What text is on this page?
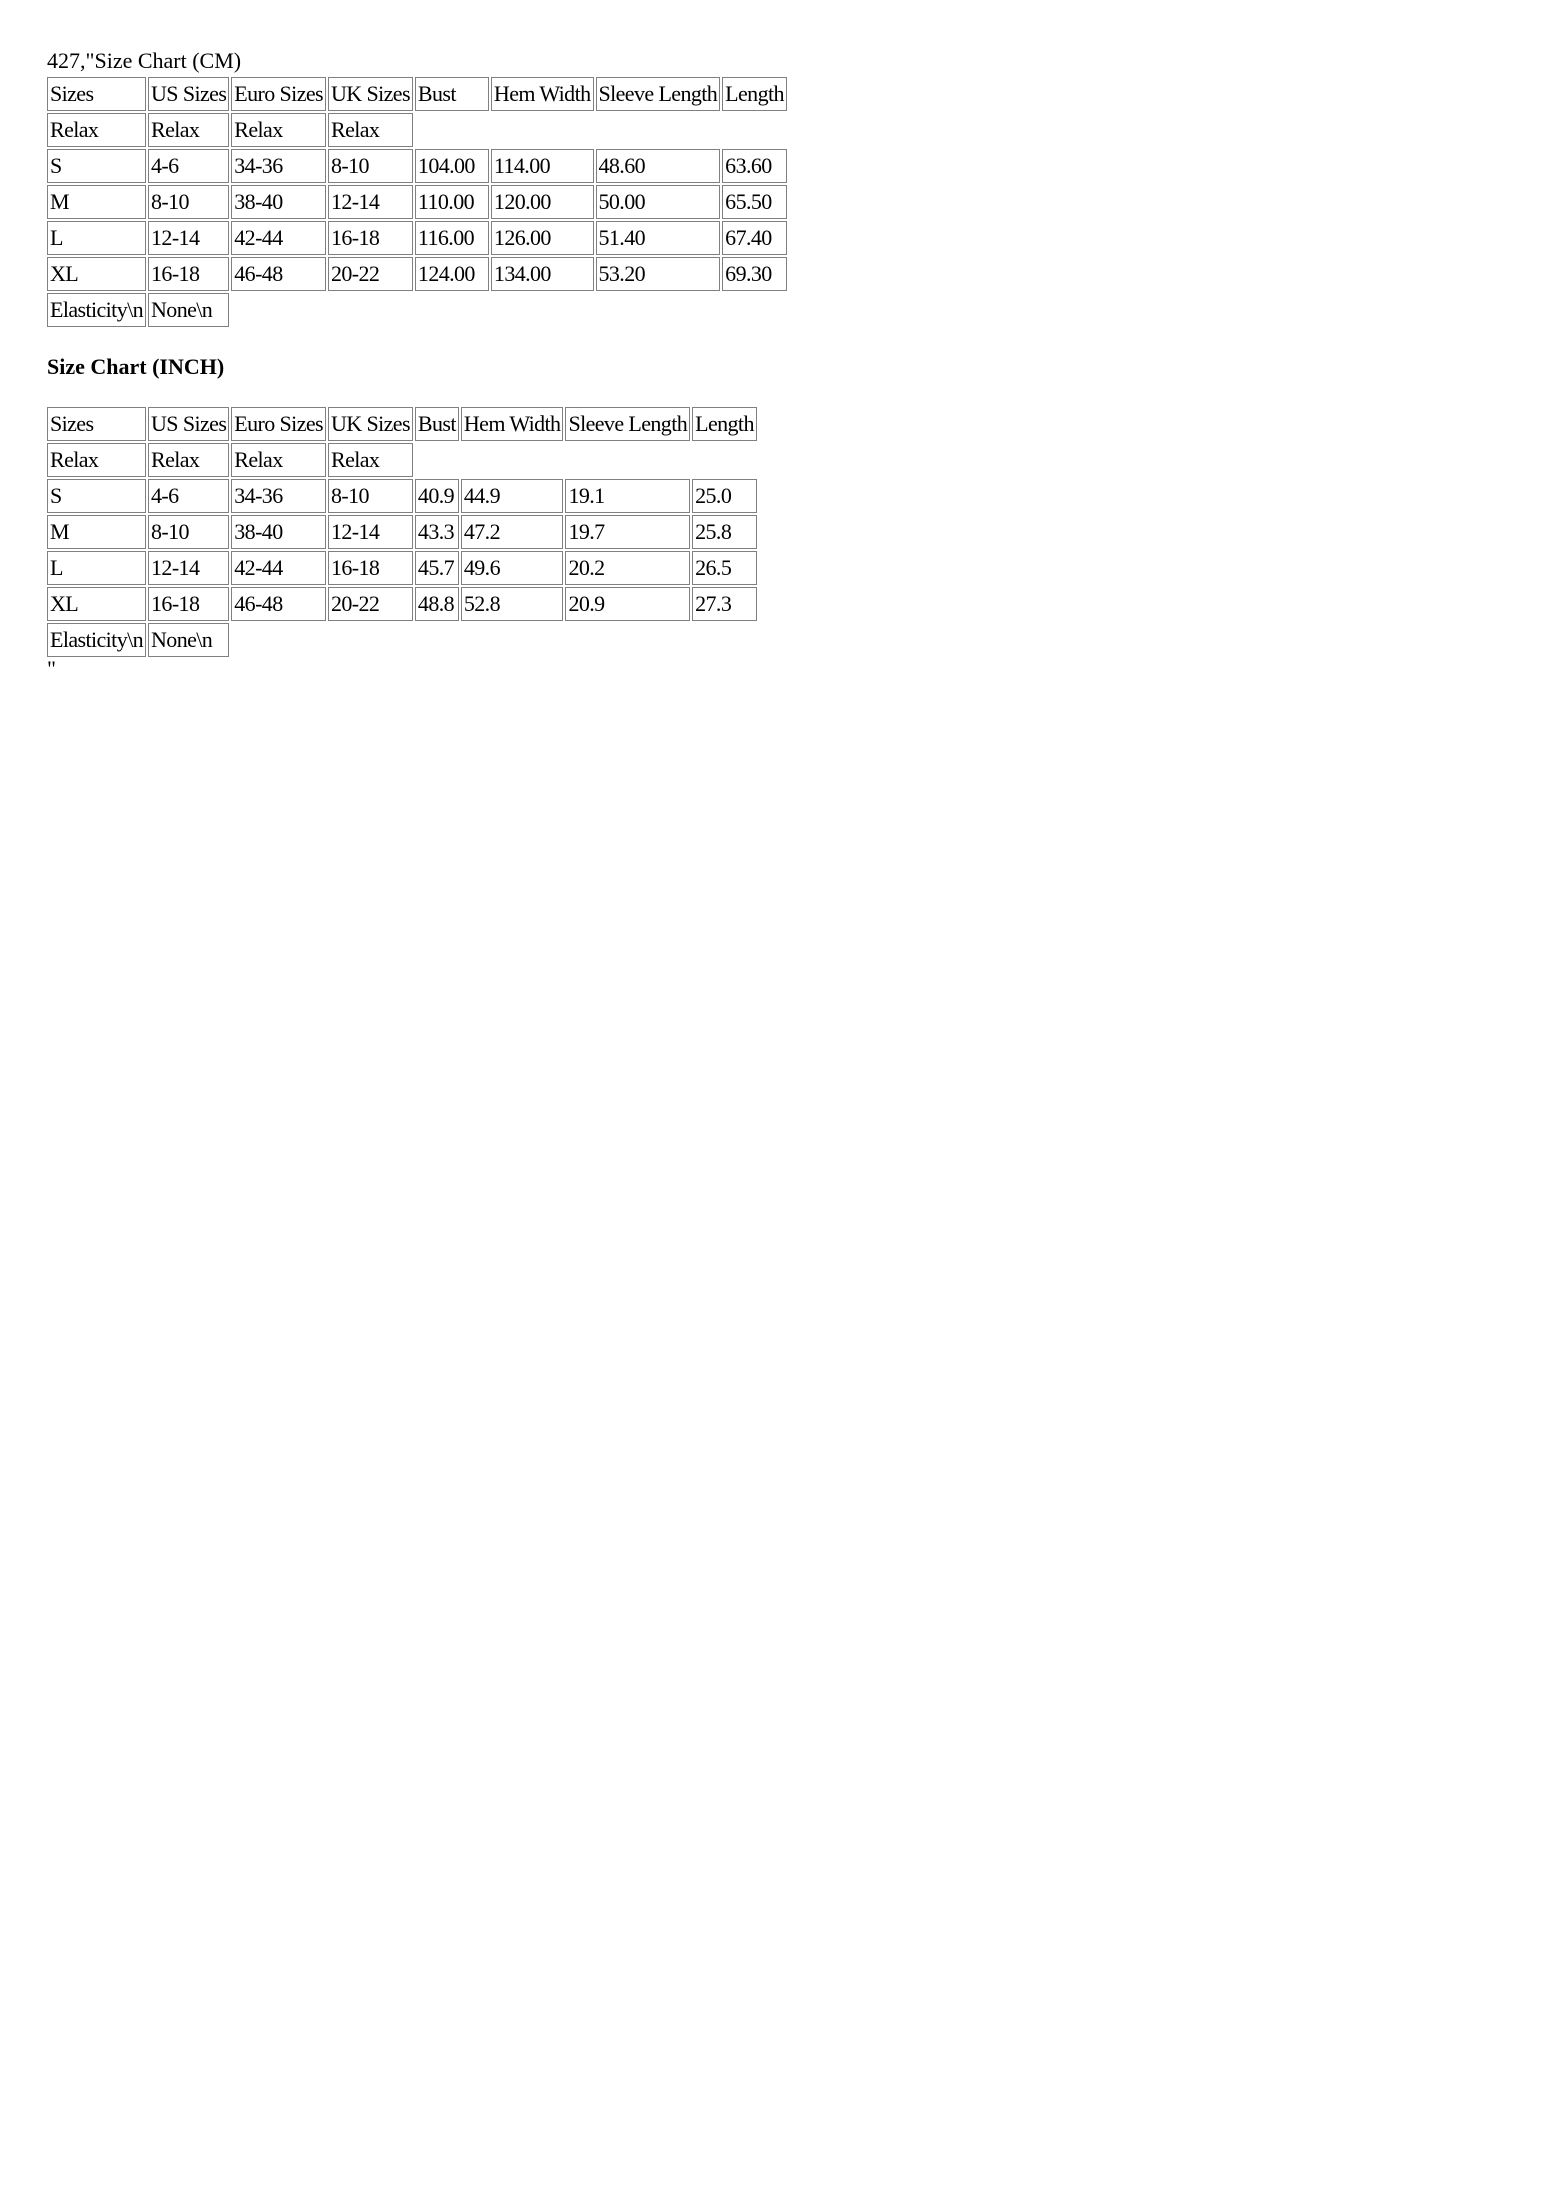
427,"Size Chart (CM)
Sizes	US Sizes	Euro Sizes	UK Sizes	Bust	Hem Width	Sleeve Length	Length
Relax	Relax	Relax	Relax				
S	4-6	34-36	8-10	104.00	114.00	48.60	63.60
M	8-10	38-40	12-14	110.00	120.00	50.00	65.50
L	12-14	42-44	16-18	116.00	126.00	51.40	67.40
XL	16-18	46-48	20-22	124.00	134.00	53.20	69.30
Elasticity\n	None\n						
Size Chart (INCH)
Sizes	US Sizes	Euro Sizes	UK Sizes	Bust	Hem Width	Sleeve Length	Length
Relax	Relax	Relax	Relax				
S	4-6	34-36	8-10	40.9	44.9	19.1	25.0
M	8-10	38-40	12-14	43.3	47.2	19.7	25.8
L	12-14	42-44	16-18	45.7	49.6	20.2	26.5
XL	16-18	46-48	20-22	48.8	52.8	20.9	27.3
Elasticity\n	None\n						
"
